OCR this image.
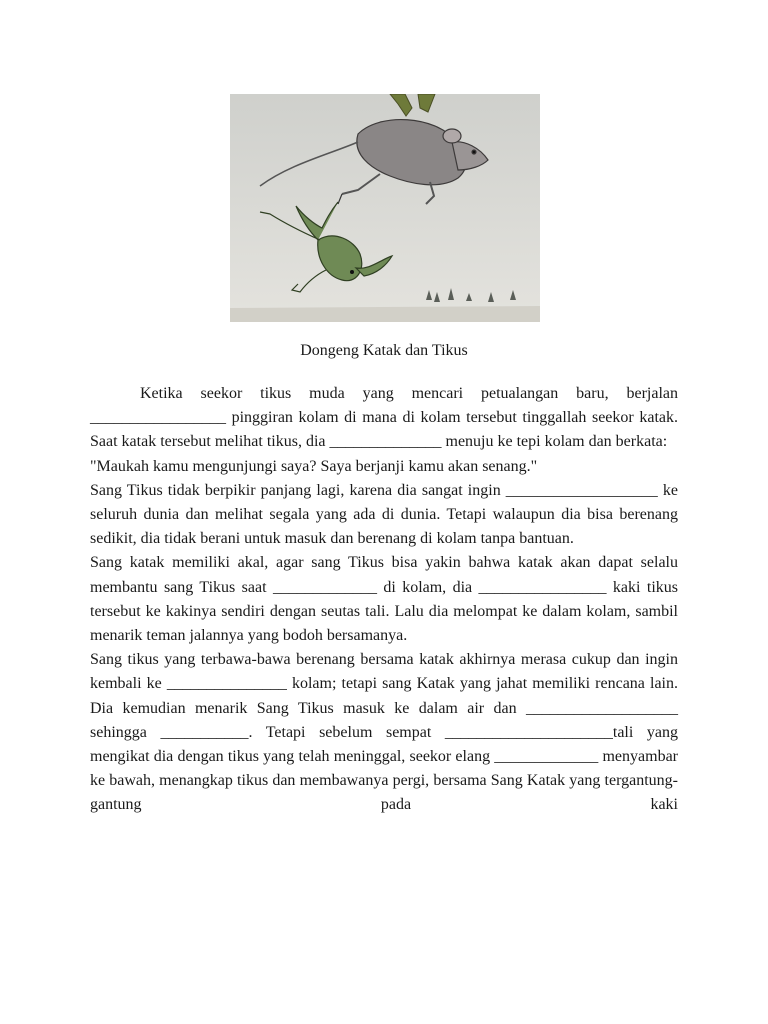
Dongeng Katak dan Tikus

Ketika seekor tikus muda yang mencari petualangan baru, berjalan _________________ pinggiran kolam di mana di kolam tersebut tinggallah seekor katak. Saat katak tersebut melihat tikus, dia ______________ menuju ke tepi kolam dan berkata:

"Maukah kamu mengunjungi saya? Saya berjanji kamu akan senang."

Sang Tikus tidak berpikir panjang lagi, karena dia sangat ingin ___________________ ke seluruh dunia dan melihat segala yang ada di dunia. Tetapi walaupun dia bisa berenang sedikit, dia tidak berani untuk masuk dan berenang di kolam tanpa bantuan.

Sang katak memiliki akal, agar sang Tikus bisa yakin bahwa katak akan dapat selalu membantu sang Tikus saat _____________ di kolam, dia ________________ kaki tikus tersebut ke kakinya sendiri dengan seutas tali. Lalu dia melompat ke dalam kolam, sambil menarik teman jalannya yang bodoh bersamanya.

Sang tikus yang terbawa-bawa berenang bersama katak akhirnya merasa cukup dan ingin kembali ke _______________ kolam; tetapi sang Katak yang jahat memiliki rencana lain. Dia kemudian menarik Sang Tikus masuk ke dalam air dan ___________________ sehingga ___________. Tetapi sebelum sempat _____________________tali yang mengikat dia dengan tikus yang telah meninggal, seekor elang _____________ menyambar ke bawah, menangkap tikus dan membawanya pergi, bersama Sang Katak yang tergantung-gantung pada kaki
